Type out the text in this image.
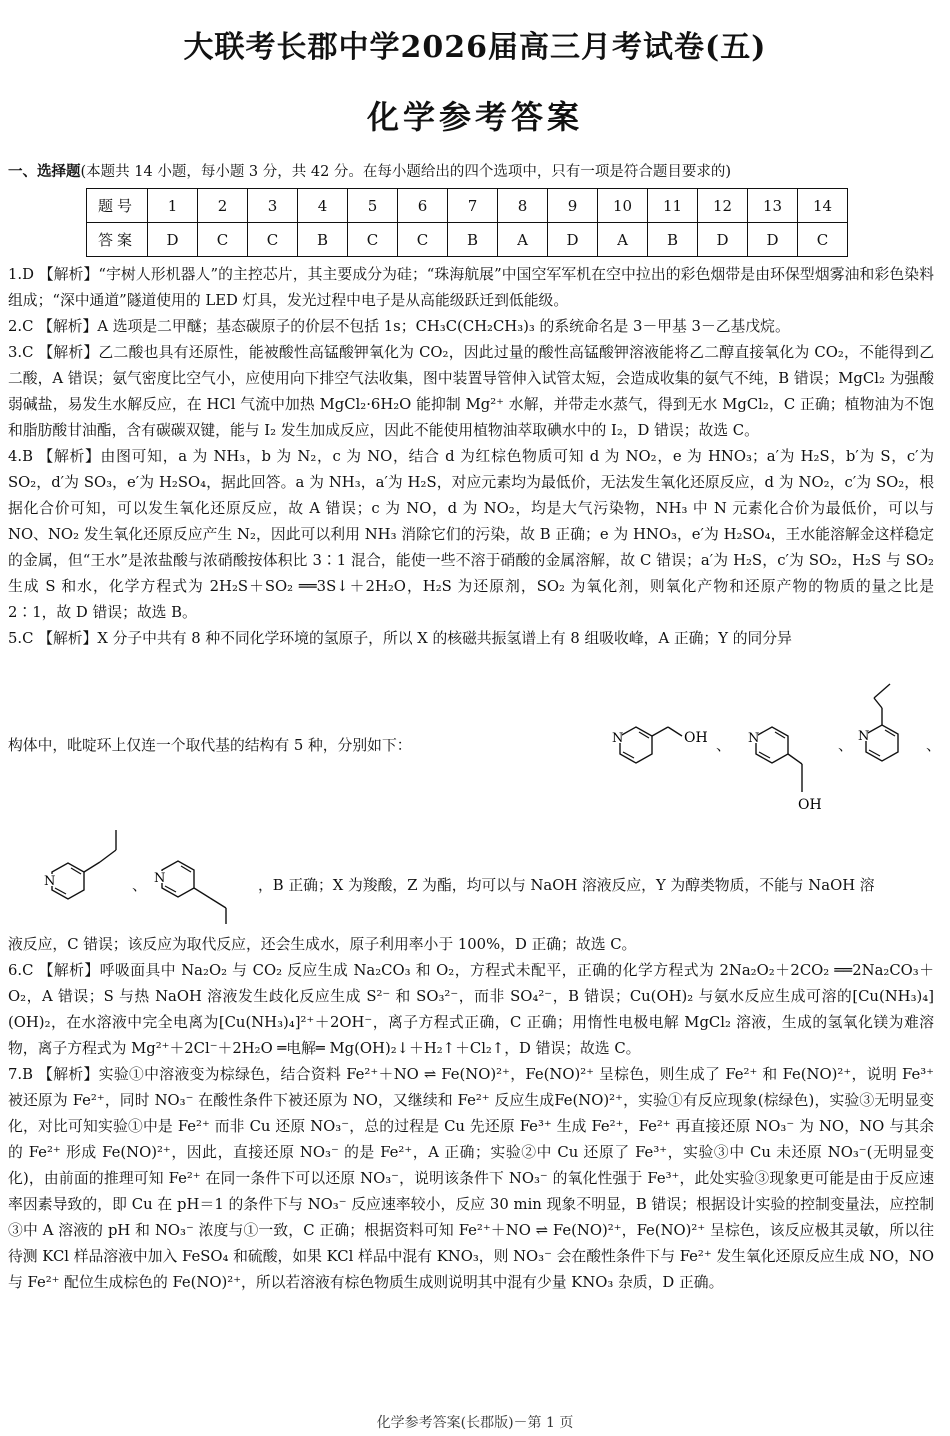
大联考长郡中学2026届高三月考试卷(五)
化学参考答案
一、选择题(本题共 14 小题，每小题 3 分，共 42 分。在每小题给出的四个选项中，只有一项是符合题目要求的)
题号	1	2	3	4	5	6	7	8	9	10	11	12	13	14
答案	D	C	C	B	C	C	B	A	D	A	B	D	D	C

1.D 【解析】“宇树人形机器人”的主控芯片，其主要成分为硅；“珠海航展”中国空军军机在空中拉出的彩色烟带是由环保型烟雾油和彩色染料组成；“深中通道”隧道使用的 LED 灯具，发光过程中电子是从高能级跃迁到低能级。

2.C 【解析】A 选项是二甲醚；基态碳原子的价层不包括 1s；CH₃C(CH₂CH₃)₃ 的系统命名是 3－甲基 3－乙基戊烷。

3.C 【解析】乙二酸也具有还原性，能被酸性高锰酸钾氧化为 CO₂，因此过量的酸性高锰酸钾溶液能将乙二醇直接氧化为 CO₂，不能得到乙二酸，A 错误；氨气密度比空气小，应使用向下排空气法收集，图中装置导管伸入试管太短，会造成收集的氨气不纯，B 错误；MgCl₂ 为强酸弱碱盐，易发生水解反应，在 HCl 气流中加热 MgCl₂·6H₂O 能抑制 Mg²⁺ 水解，并带走水蒸气，得到无水 MgCl₂，C 正确；植物油为不饱和脂肪酸甘油酯，含有碳碳双键，能与 I₂ 发生加成反应，因此不能使用植物油萃取碘水中的 I₂，D 错误；故选 C。

4.B 【解析】由图可知，a 为 NH₃，b 为 N₂，c 为 NO，结合 d 为红棕色物质可知 d 为 NO₂，e 为 HNO₃；a′为 H₂S，b′为 S，c′为 SO₂，d′为 SO₃，e′为 H₂SO₄，据此回答。a 为 NH₃，a′为 H₂S，对应元素均为最低价，无法发生氧化还原反应，d 为 NO₂，c′为 SO₂，根据化合价可知，可以发生氧化还原反应，故 A 错误；c 为 NO，d 为 NO₂，均是大气污染物，NH₃ 中 N 元素化合价为最低价，可以与 NO、NO₂ 发生氧化还原反应产生 N₂，因此可以利用 NH₃ 消除它们的污染，故 B 正确；e 为 HNO₃，e′为 H₂SO₄，王水能溶解金这样稳定的金属，但“王水”是浓盐酸与浓硝酸按体积比 3∶1 混合，能使一些不溶于硝酸的金属溶解，故 C 错误；a′为 H₂S，c′为 SO₂，H₂S 与 SO₂ 生成 S 和水，化学方程式为 2H₂S＋SO₂ ══3S↓＋2H₂O，H₂S 为还原剂，SO₂ 为氧化剂，则氧化产物和还原产物的物质的量之比是 2∶1，故 D 错误；故选 B。

5.C 【解析】X 分子中共有 8 种不同化学环境的氢原子，所以 X 的核磁共振氢谱上有 8 组吸收峰，A 正确；Y 的同分异

构体中，吡啶环上仅连一个取代基的结构有 5 种，分别如下：	N	OH 、	N
OH
、
N
、
N	、 N	，B 正确；X 为羧酸，Z 为酯，均可以与 NaOH 溶液反应，Y 为醇类物质，不能与 NaOH 溶

液反应，C 错误；该反应为取代反应，还会生成水，原子利用率小于 100%，D 正确；故选 C。

6.C 【解析】呼吸面具中 Na₂O₂ 与 CO₂ 反应生成 Na₂CO₃ 和 O₂，方程式未配平，正确的化学方程式为 2Na₂O₂＋2CO₂ ══2Na₂CO₃＋O₂，A 错误；S 与热 NaOH 溶液发生歧化反应生成 S²⁻ 和 SO₃²⁻，而非 SO₄²⁻，B 错误；Cu(OH)₂ 与氨水反应生成可溶的[Cu(NH₃)₄](OH)₂，在水溶液中完全电离为[Cu(NH₃)₄]²⁺＋2OH⁻，离子方程式正确，C 正确；用惰性电极电解 MgCl₂ 溶液，生成的氢氧化镁为难溶物，离子方程式为 Mg²⁺＋2Cl⁻＋2H₂O ═电解═ Mg(OH)₂↓＋H₂↑＋Cl₂↑，D 错误；故选 C。

7.B 【解析】实验①中溶液变为棕绿色，结合资料 Fe²⁺＋NO ⇌ Fe(NO)²⁺，Fe(NO)²⁺ 呈棕色，则生成了 Fe²⁺ 和 Fe(NO)²⁺，说明 Fe³⁺ 被还原为 Fe²⁺，同时 NO₃⁻ 在酸性条件下被还原为 NO，又继续和 Fe²⁺ 反应生成Fe(NO)²⁺，实验①有反应现象(棕绿色)，实验③无明显变化，对比可知实验①中是 Fe²⁺ 而非 Cu 还原 NO₃⁻，总的过程是 Cu 先还原 Fe³⁺ 生成 Fe²⁺，Fe²⁺ 再直接还原 NO₃⁻ 为 NO，NO 与其余的 Fe²⁺ 形成 Fe(NO)²⁺，因此，直接还原 NO₃⁻ 的是 Fe²⁺，A 正确；实验②中 Cu 还原了 Fe³⁺，实验③中 Cu 未还原 NO₃⁻(无明显变化)，由前面的推理可知 Fe²⁺ 在同一条件下可以还原 NO₃⁻，说明该条件下 NO₃⁻ 的氧化性强于 Fe³⁺，此处实验③现象更可能是由于反应速率因素导致的，即 Cu 在 pH＝1 的条件下与 NO₃⁻ 反应速率较小，反应 30 min 现象不明显，B 错误；根据设计实验的控制变量法，应控制③中 A 溶液的 pH 和 NO₃⁻ 浓度与①一致，C 正确；根据资料可知 Fe²⁺＋NO ⇌ Fe(NO)²⁺，Fe(NO)²⁺ 呈棕色，该反应极其灵敏，所以往待测 KCl 样品溶液中加入 FeSO₄ 和硫酸，如果 KCl 样品中混有 KNO₃，则 NO₃⁻ 会在酸性条件下与 Fe²⁺ 发生氧化还原反应生成 NO，NO 与 Fe²⁺ 配位生成棕色的 Fe(NO)²⁺，所以若溶液有棕色物质生成则说明其中混有少量 KNO₃ 杂质，D 正确。

化学参考答案(长郡版)－第 1 页
